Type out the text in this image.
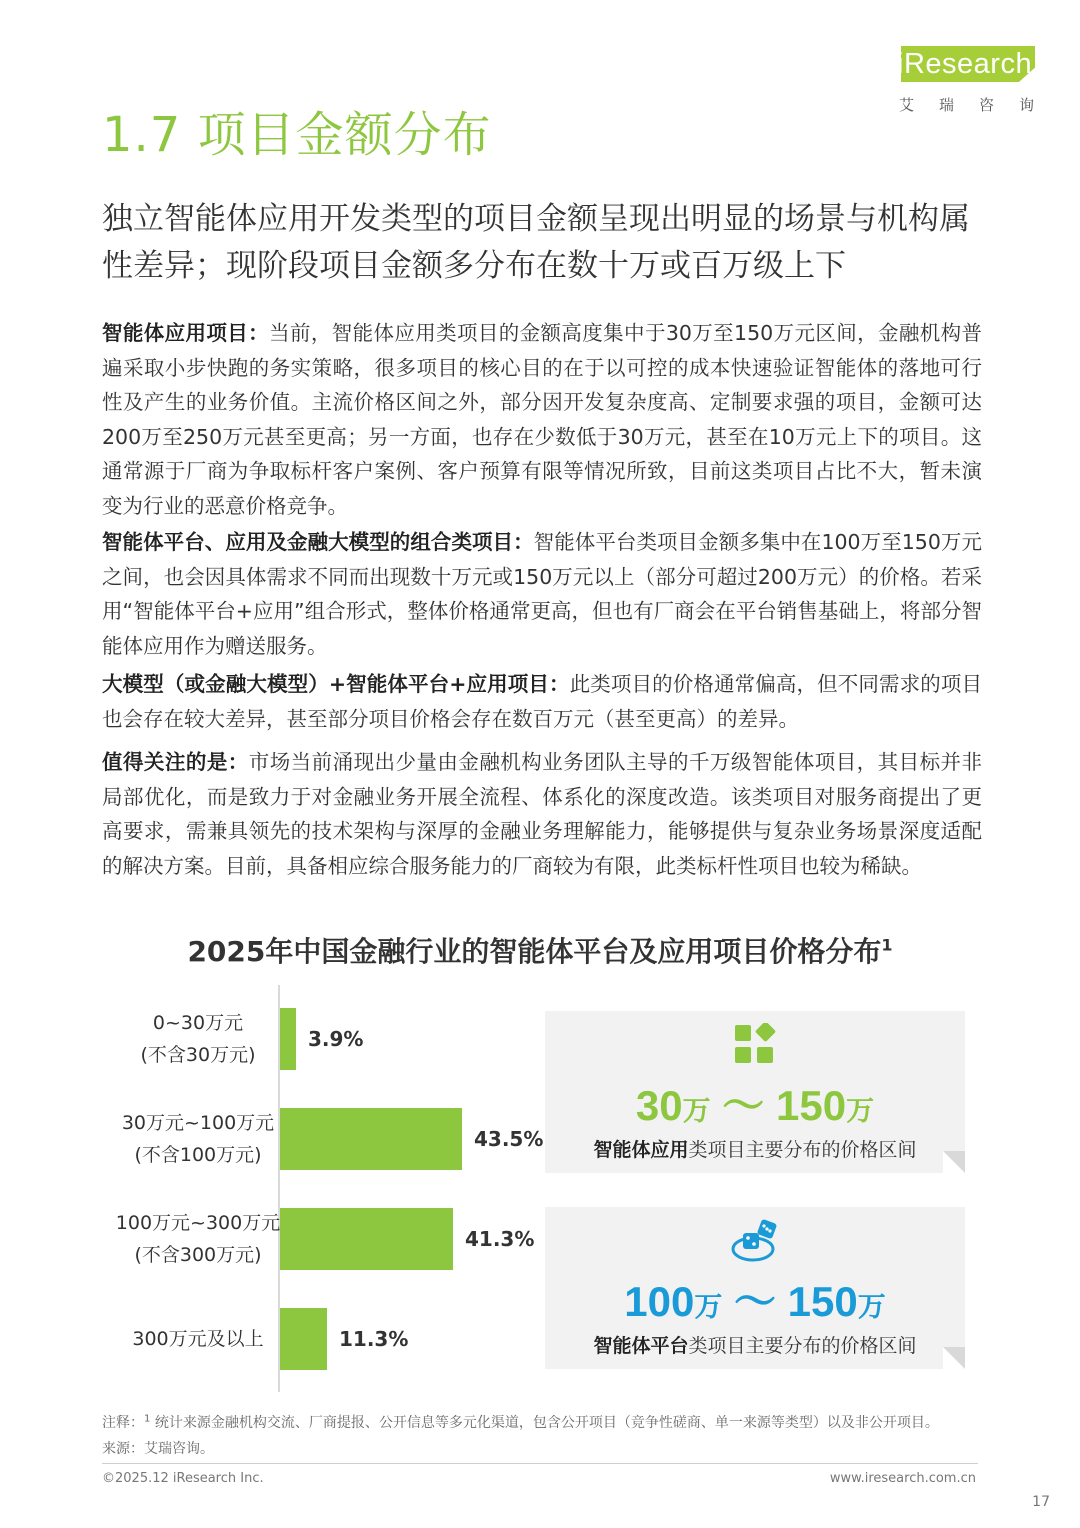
iResearch
艾瑞咨询
1.7 项目金额分布
独立智能体应用开发类型的项目金额呈现出明显的场景与机构属性差异；现阶段项目金额多分布在数十万或百万级上下
智能体应用项目：当前，智能体应用类项目的金额高度集中于30万至150万元区间，金融机构普遍采取小步快跑的务实策略，很多项目的核心目的在于以可控的成本快速验证智能体的落地可行性及产生的业务价值。主流价格区间之外，部分因开发复杂度高、定制要求强的项目，金额可达200万至250万元甚至更高；另一方面，也存在少数低于30万元，甚至在10万元上下的项目。这通常源于厂商为争取标杆客户案例、客户预算有限等情况所致，目前这类项目占比不大，暂未演变为行业的恶意价格竞争。
智能体平台、应用及金融大模型的组合类项目：智能体平台类项目金额多集中在100万至150万元之间，也会因具体需求不同而出现数十万元或150万元以上（部分可超过200万元）的价格。若采用“智能体平台+应用”组合形式，整体价格通常更高，但也有厂商会在平台销售基础上，将部分智能体应用作为赠送服务。
大模型（或金融大模型）+智能体平台+应用项目：此类项目的价格通常偏高，但不同需求的项目也会存在较大差异，甚至部分项目价格会存在数百万元（甚至更高）的差异。
值得关注的是：市场当前涌现出少量由金融机构业务团队主导的千万级智能体项目，其目标并非局部优化，而是致力于对金融业务开展全流程、体系化的深度改造。该类项目对服务商提出了更高要求，需兼具领先的技术架构与深厚的金融业务理解能力，能够提供与复杂业务场景深度适配的解决方案。目前，具备相应综合服务能力的厂商较为有限，此类标杆性项目也较为稀缺。
2025年中国金融行业的智能体平台及应用项目价格分布$^1$
3.9%
0~30万元
(不含30万元)
43.5%
30万元~100万元
(不含100万元)
41.3%
100万元~300万元
(不含300万元)
11.3%
300万元及以上
30万 ～ 150万
智能体应用类项目主要分布的价格区间
100万 ～ 150万
智能体平台类项目主要分布的价格区间
注释：$^1$ 统计来源金融机构交流、厂商提报、公开信息等多元化渠道，包含公开项目（竞争性磋商、单一来源等类型）以及非公开项目。
来源：艾瑞咨询。
©2025.12 iResearch Inc.	www.iresearch.com.cn
17
